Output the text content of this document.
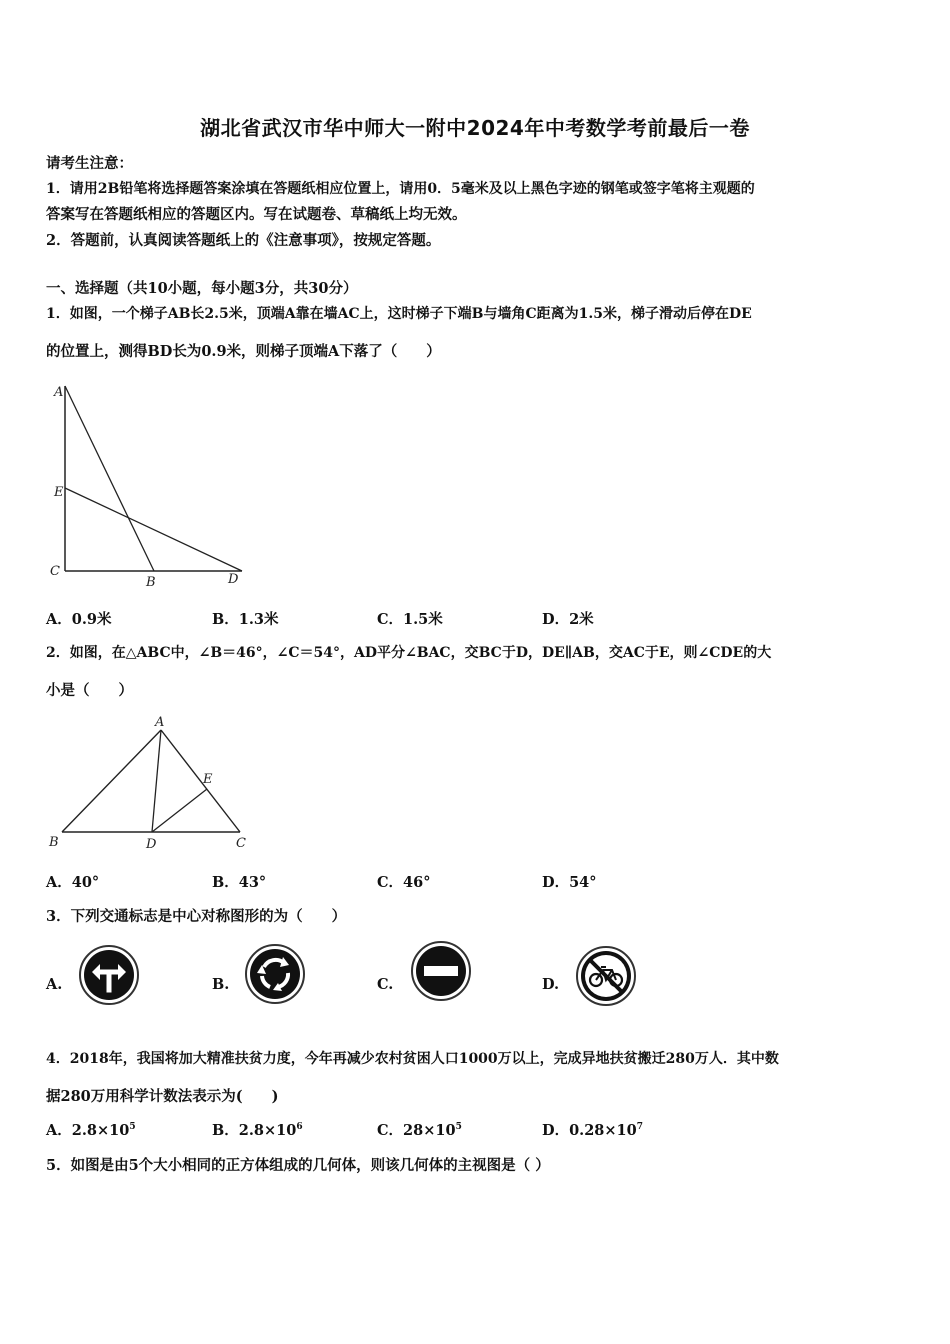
湖北省武汉市华中师大一附中2024年中考数学考前最后一卷
请考生注意：
1．请用2B铅笔将选择题答案涂填在答题纸相应位置上，请用0．5毫米及以上黑色字迹的钢笔或签字笔将主观题的
答案写在答题纸相应的答题区内。写在试题卷、草稿纸上均无效。
2．答题前，认真阅读答题纸上的《注意事项》，按规定答题。
一、选择题（共10小题，每小题3分，共30分）
1．如图，一个梯子AB长2.5米，顶端A靠在墙AC上，这时梯子下端B与墙角C距离为1.5米，梯子滑动后停在DE
的位置上，测得BD长为0.9米，则梯子顶端A下落了（　　）
A
E
C
B	D
A．0.9米	B．1.3米	C．1.5米	D．2米
2．如图，在△ABC中，∠B＝46°，∠C＝54°，AD平分∠BAC，交BC于D，DE∥AB，交AC于E，则∠CDE的大
小是（　　）
A
E
B	D	C
A．40°	B．43°	C．46°	D．54°
3．下列交通标志是中心对称图形的为（　　）
A.	B.	C.	D.
4．2018年，我国将加大精准扶贫力度，今年再减少农村贫困人口1000万以上，完成异地扶贫搬迁280万人．其中数
据280万用科学计数法表示为(　　)
A．$2.8\times 10^5$	B．$2.8\times 10^6$	C．$28\times 10^5$	D．$0.28\times 10^7$
5．如图是由5个大小相同的正方体组成的几何体，则该几何体的主视图是（ ）
